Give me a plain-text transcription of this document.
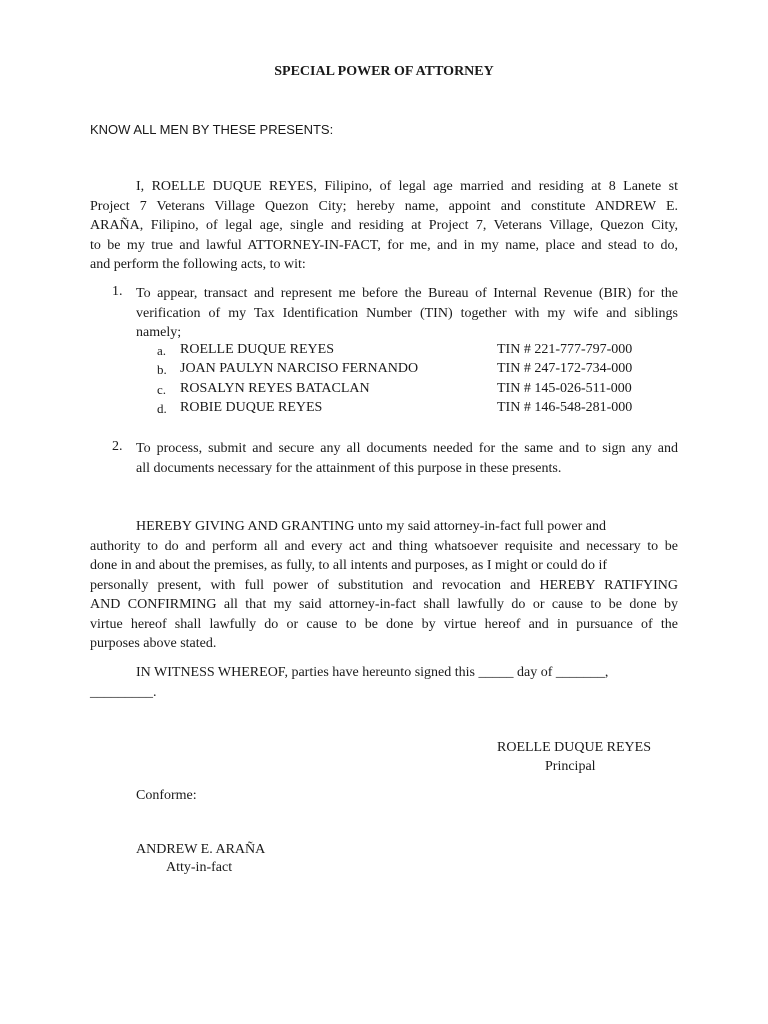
SPECIAL POWER OF ATTORNEY
KNOW ALL MEN BY THESE PRESENTS:
I, ROELLE DUQUE REYES, Filipino, of legal age married and residing at 8 Lanete st
Project 7 Veterans Village Quezon City; hereby name, appoint and constitute ANDREW E.
ARAÑA, Filipino, of legal age, single and residing at Project 7, Veterans Village, Quezon City,
to be my true and lawful ATTORNEY-IN-FACT, for me, and in my name, place and stead to do,
and perform the following acts, to wit:
1. To appear, transact and represent me before the Bureau of Internal Revenue (BIR) for the
verification of my Tax Identification Number (TIN) together with my wife and siblings
namely;
a. ROELLE DUQUE REYES	TIN # 221-777-797-000
b. JOAN PAULYN NARCISO FERNANDO	TIN # 247-172-734-000
c. ROSALYN REYES BATACLAN	TIN # 145-026-511-000
d. ROBIE DUQUE REYES	TIN # 146-548-281-000
2. To process, submit and secure any all documents needed for the same and to sign any and
all documents necessary for the attainment of this purpose in these presents.
HEREBY GIVING AND GRANTING unto my said attorney-in-fact full power and
authority to do and perform all and every act and thing whatsoever requisite and necessary to be
done in and about the premises, as fully, to all intents and purposes, as I might or could do if
personally present, with full power of substitution and revocation and HEREBY RATIFYING
AND CONFIRMING all that my said attorney-in-fact shall lawfully do or cause to be done by
virtue hereof shall lawfully do or cause to be done by virtue hereof and in pursuance of the
purposes above stated.
IN WITNESS WHEREOF, parties have hereunto signed this _____ day of _______,
_________.
ROELLE DUQUE REYES
Principal
Conforme:
ANDREW E. ARAÑA
Atty-in-fact
